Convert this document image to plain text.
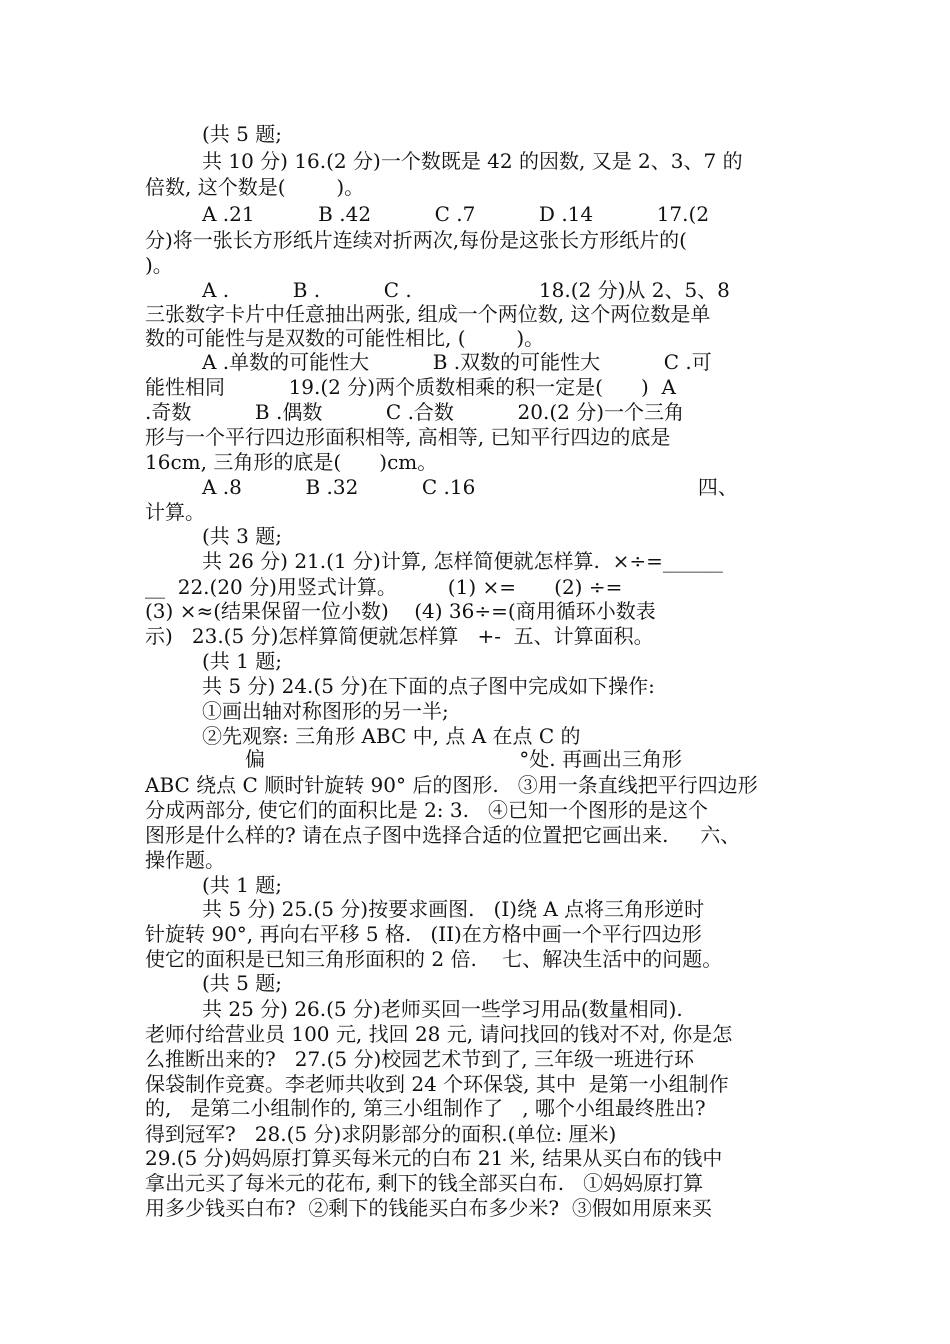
(共 5 题;
共 10 分) 16.(2 分)一个数既是 42 的因数, 又是 2、3、7 的
倍数, 这个数是(        )。
A .21          B .42          C .7          D .14          17.(2
分)将一张长方形纸片连续对折两次,每份是这张长方形纸片的(
)。
A .          B .          C .                    18.(2 分)从 2、5、8
三张数字卡片中任意抽出两张, 组成一个两位数, 这个两位数是单
数的可能性与是双数的可能性相比, (        )。
A .单数的可能性大          B .双数的可能性大          C .可
能性相同          19.(2 分)两个质数相乘的积一定是(      )  A
.奇数          B .偶数          C .合数          20.(2 分)一个三角
形与一个平行四边形面积相等, 高相等, 已知平行四边的底是
16cm, 三角形的底是(      )cm。
A .8          B .32          C .16                                   四、
计算。
(共 3 题;
共 26 分) 21.(1 分)计算, 怎样简便就怎样算.  ×÷=______
__  22.(20 分)用竖式计算。        (1) ×=      (2) ÷=
(3) ×≈(结果保留一位小数)    (4) 36÷=(商用循环小数表
示)   23.(5 分)怎样算简便就怎样算   +-  五、计算面积。
(共 1 题;
共 5 分) 24.(5 分)在下面的点子图中完成如下操作:
①画出轴对称图形的另一半;
②先观察: 三角形 ABC 中, 点 A 在点 C 的
偏                                        °处. 再画出三角形
ABC 绕点 C 顺时针旋转 90° 后的图形.   ③用一条直线把平行四边形
分成两部分, 使它们的面积比是 2: 3.   ④已知一个图形的是这个
图形是什么样的? 请在点子图中选择合适的位置把它画出来.     六、
操作题。
(共 1 题;
共 5 分) 25.(5 分)按要求画图.   (I)绕 A 点将三角形逆时
针旋转 90°, 再向右平移 5 格.   (II)在方格中画一个平行四边形
使它的面积是已知三角形面积的 2 倍.    七、解决生活中的问题。
(共 5 题;
共 25 分) 26.(5 分)老师买回一些学习用品(数量相同).
老师付给营业员 100 元, 找回 28 元, 请问找回的钱对不对, 你是怎
么推断出来的?   27.(5 分)校园艺术节到了, 三年级一班进行环
保袋制作竞赛。李老师共收到 24 个环保袋, 其中  是第一小组制作
的,   是第二小组制作的, 第三小组制作了   , 哪个小组最终胜出?
得到冠军?   28.(5 分)求阴影部分的面积.(单位: 厘米)
29.(5 分)妈妈原打算买每米元的白布 21 米, 结果从买白布的钱中
拿出元买了每米元的花布, 剩下的钱全部买白布.   ①妈妈原打算
用多少钱买白布?  ②剩下的钱能买白布多少米?  ③假如用原来买
